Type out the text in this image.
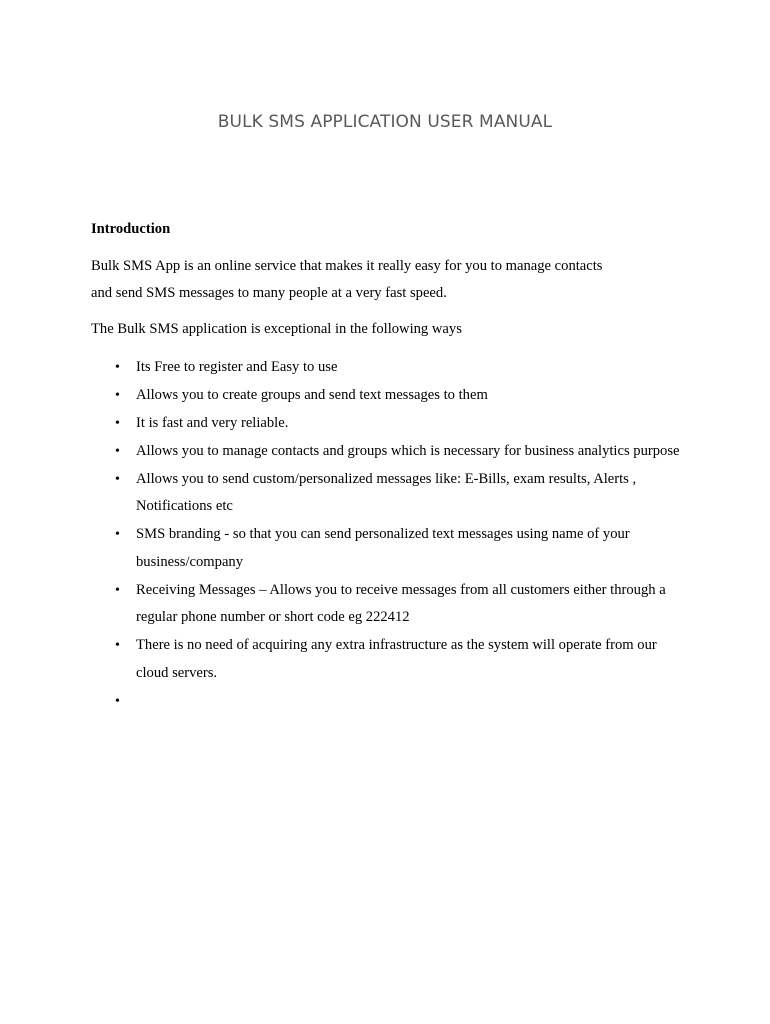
BULK SMS APPLICATION USER MANUAL

Introduction

Bulk SMS App is an online service that makes it really easy for you to manage contacts
and send SMS messages to many people at a very fast speed.

The Bulk SMS application is exceptional in the following ways

•	Its Free to register and Easy to use
•	Allows you to create groups and send text messages to them
•	It is fast and very reliable.
•	Allows you to manage contacts and groups which is necessary for business analytics purpose
•	Allows you to send custom/personalized messages like: E-Bills, exam results, Alerts , Notifications etc
•	SMS branding - so that you can send personalized text messages using name of your business/company
•	Receiving Messages – Allows you to receive messages from all customers either through a regular phone number or short code eg 222412
•	There is no need of acquiring any extra infrastructure as the system will operate from our cloud servers.
•
